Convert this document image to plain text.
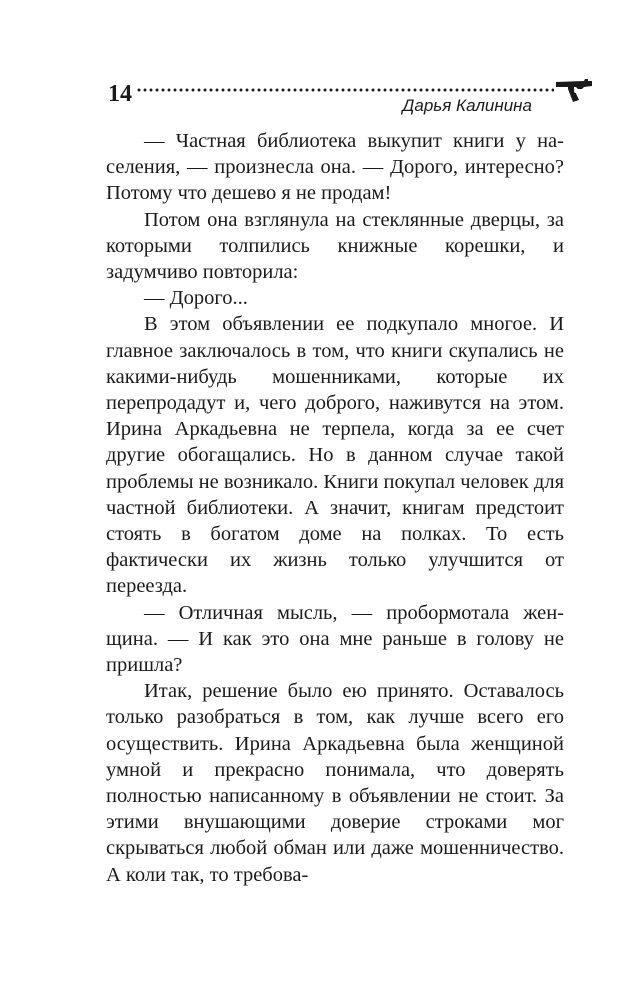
14	Дарья Калинина

— Частная библиотека выкупит книги у населения, — произнесла она. — Дорого, интересно? Потому что дешево я не продам!

Потом она взглянула на стеклянные дверцы, за которыми толпились книжные корешки, и задумчиво повторила:

— Дорого...

В этом объявлении ее подкупало многое. И главное заключалось в том, что книги скупались не какими-нибудь мошенниками, которые их перепродадут и, чего доброго, наживутся на этом. Ирина Аркадьевна не терпела, когда за ее счет другие обогащались. Но в данном случае такой проблемы не возникало. Книги покупал человек для частной библиотеки. А значит, книгам предстоит стоять в богатом доме на полках. То есть фактически их жизнь только улучшится от переезда.

— Отличная мысль, — пробормотала женщина. — И как это она мне раньше в голову не пришла?

Итак, решение было ею принято. Оставалось только разобраться в том, как лучше всего его осуществить. Ирина Аркадьевна была женщиной умной и прекрасно понимала, что доверять полностью написанному в объявлении не стоит. За этими внушающими доверие строками мог скрываться любой обман или даже мошенничество. А коли так, то требова-
